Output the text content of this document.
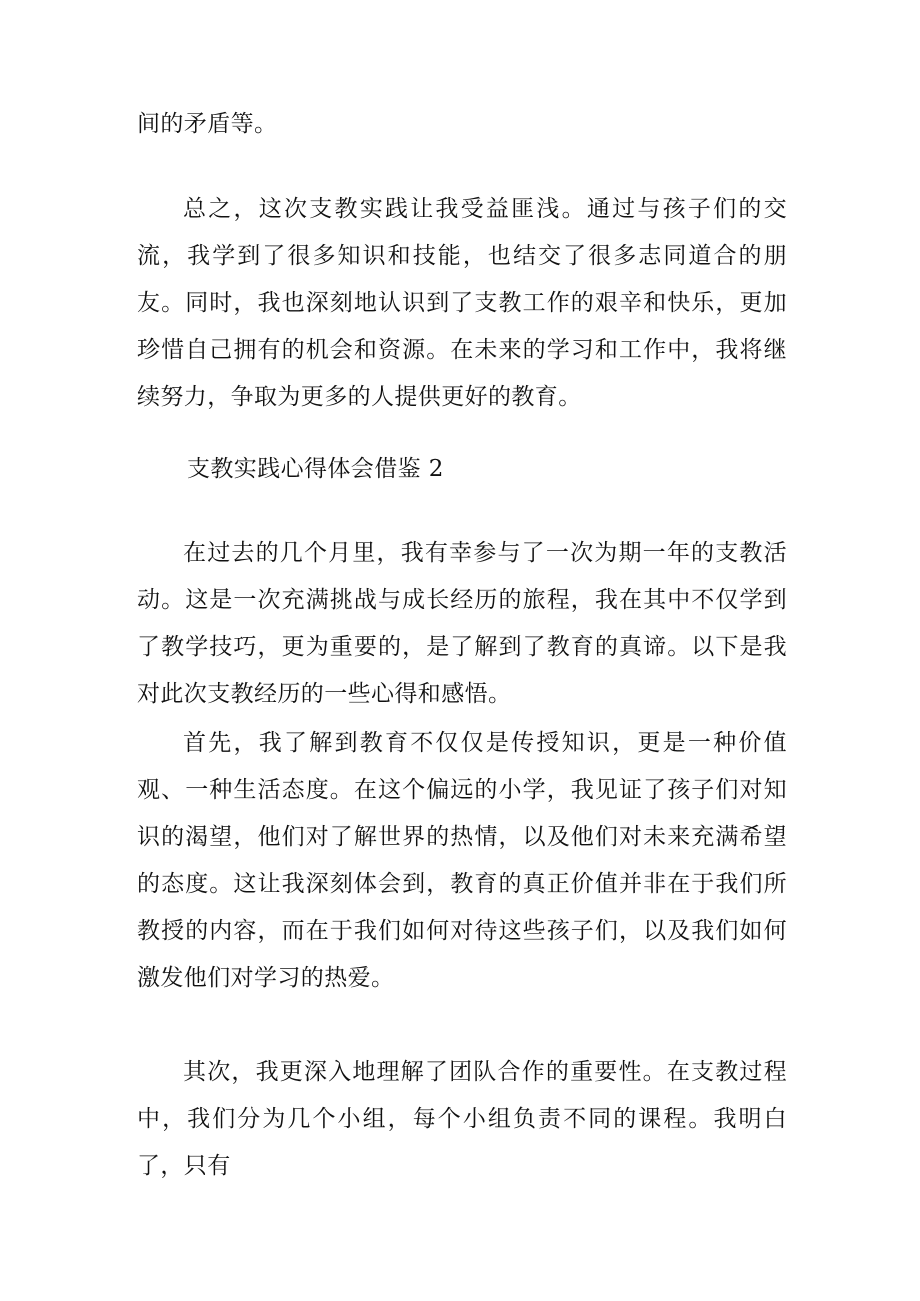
间的矛盾等。

总之，这次支教实践让我受益匪浅。通过与孩子们的交流，我学到了很多知识和技能，也结交了很多志同道合的朋友。同时，我也深刻地认识到了支教工作的艰辛和快乐，更加珍惜自己拥有的机会和资源。在未来的学习和工作中，我将继续努力，争取为更多的人提供更好的教育。

支教实践心得体会借鉴 2

在过去的几个月里，我有幸参与了一次为期一年的支教活动。这是一次充满挑战与成长经历的旅程，我在其中不仅学到了教学技巧，更为重要的，是了解到了教育的真谛。以下是我对此次支教经历的一些心得和感悟。

首先，我了解到教育不仅仅是传授知识，更是一种价值观、一种生活态度。在这个偏远的小学，我见证了孩子们对知识的渴望，他们对了解世界的热情，以及他们对未来充满希望的态度。这让我深刻体会到，教育的真正价值并非在于我们所教授的内容，而在于我们如何对待这些孩子们，以及我们如何激发他们对学习的热爱。

其次，我更深入地理解了团队合作的重要性。在支教过程中，我们分为几个小组，每个小组负责不同的课程。我明白了，只有
